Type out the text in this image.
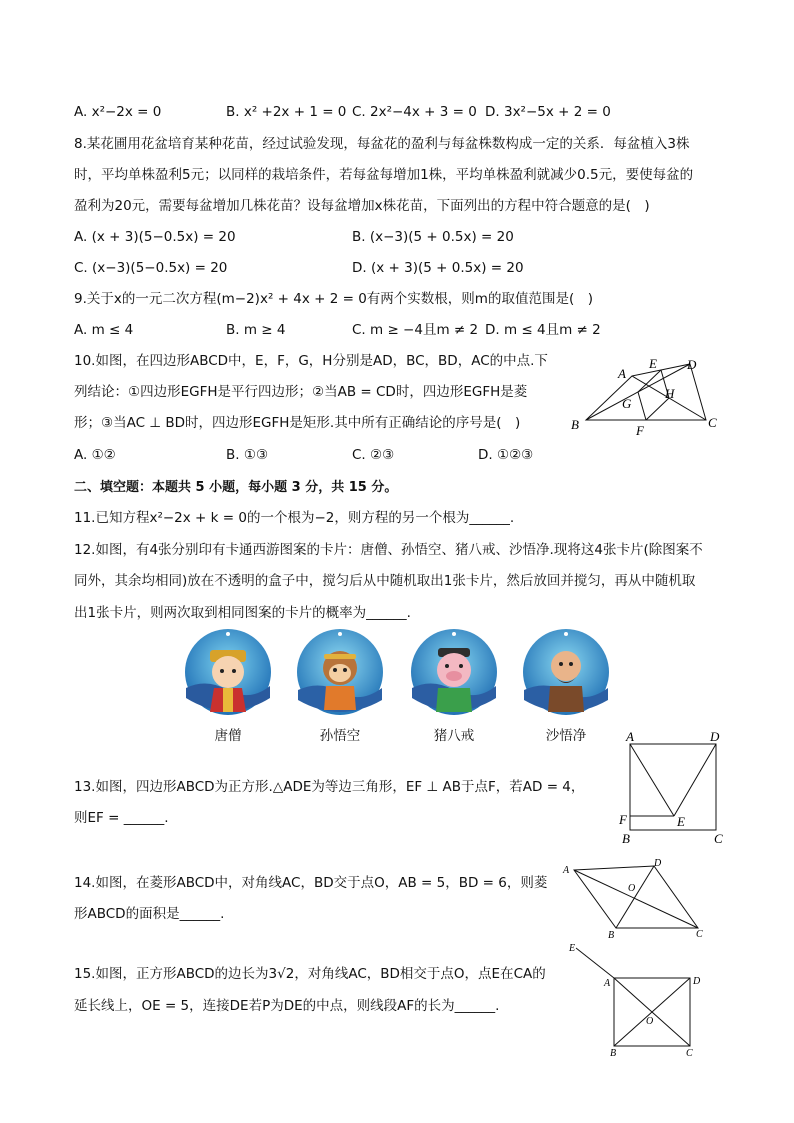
A. x²−2x = 0	B. x² +2x + 1 = 0 C. 2x²−4x + 3 = 0 D. 3x²−5x + 2 = 0
8.某花圃用花盆培育某种花苗，经过试验发现，每盆花的盈利与每盆株数构成一定的关系．每盆植入3株
时，平均单株盈利5元；以同样的栽培条件，若每盆每增加1株，平均单株盈利就减少0.5元，要使每盆的
盈利为20元，需要每盆增加几株花苗？设每盆增加x株花苗，下面列出的方程中符合题意的是(　)
A. (x + 3)(5−0.5x) = 20	B. (x−3)(5 + 0.5x) = 20
C. (x−3)(5−0.5x) = 20	D. (x + 3)(5 + 0.5x) = 20
9.关于x的一元二次方程(m−2)x² + 4x + 2 = 0有两个实数根，则m的取值范围是(　)
A. m ≤ 4	B. m ≥ 4	C. m ≥ −4且m ≠ 2 D. m ≤ 4且m ≠ 2
10.如图，在四边形ABCD中，E，F，G，H分别是AD，BC，BD，AC的中点.下
列结论：①四边形EGFH是平行四边形；②当AB = CD时，四边形EGFH是菱
形；③当AC ⊥ BD时，四边形EGFH是矩形.其中所有正确结论的序号是(　)
A. ①②	B. ①③	C. ②③	D. ①②③
A
B	C
D
E
F
G
H
二、填空题：本题共 5 小题，每小题 3 分，共 15 分。
11.已知方程x²−2x + k = 0的一个根为−2，则方程的另一个根为______.
12.如图，有4张分别印有卡通西游图案的卡片：唐僧、孙悟空、猪八戒、沙悟净.现将这4张卡片(除图案不
同外，其余均相同)放在不透明的盒子中，搅匀后从中随机取出1张卡片，然后放回并搅匀，再从中随机取
出1张卡片，则两次取到相同图案的卡片的概率为______.
唐僧	孙悟空	猪八戒	沙悟净
13.如图，四边形ABCD为正方形.△ADE为等边三角形，EF ⊥ AB于点F，若AD = 4，
则EF = ______.
A	D
F	E
B	C
14.如图，在菱形ABCD中，对角线AC，BD交于点O，AB = 5，BD = 6，则菱
形ABCD的面积是______.
A
D
B	C
O
15.如图，正方形ABCD的边长为3√2，对角线AC，BD相交于点O，点E在CA的
延长线上，OE = 5，连接DE若P为DE的中点，则线段AF的长为______.
E
A	D
O
B	C
